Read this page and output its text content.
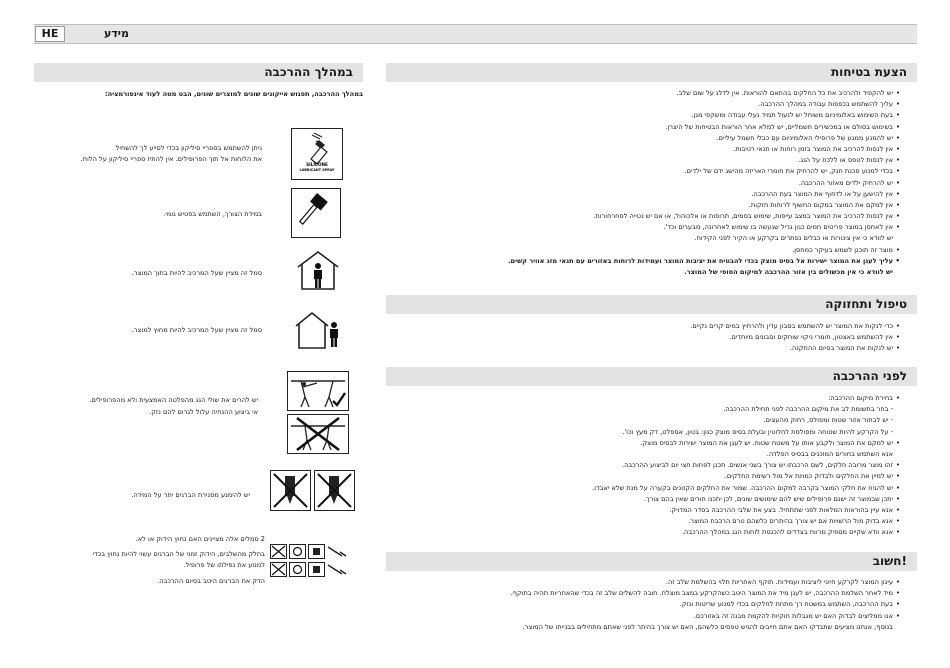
HE	מידע
הצעת בטיחות
• יש להקפיד ולהרכיב את כל החלקים בהתאם להוראות. אין לדלג על שום שלב.
• עליך להשתמש בכפפות עבודה במהלך ההרכבה.
• בעת השימוש באלומיניום משוחל יש לנעול תמיד נעלי עבודה ומשקפי מגן.
• בשימוש בסולם או במכשירים חשמליים, יש למלא אחר הוראות הבטיחות של היצרן.
• יש להמנע ממגע של פרופילי האלומיניום עם כבלי חשמל עיליים.
• אין לנסות להרכיב את המוצר בזמן רוחות או תנאי רטיבות.
• אין לנסות לטפס או ללכת על הגג.
• בכדי למנוע סכנת חנק, יש להרחיק את חומרי האריזה מהישג ידם של ילדים.
• יש להרחיק ילדים מאזור ההרכבה.
• אין להישען על או לדחוף את המוצר בעת ההרכבה.
• אין למקם את המוצר במקום החשוף לרוחות חזקות.
• אין לנסות להרכיב את המוצר במצב עייפות, שימוש בסמים, תרופות או אלכוהול, או אם יש נטייה לסחרחורות.
• אין לאחסן במוצר פריטים חמים כגון גריל שנעשה בו שימוש לאחרונה, מבערים וכד'.
יש לוודא כי אין צינורות או כבלים נסתרים בקרקע או הקיר לפני הקידוח.
• מוצר זה תוכנן לשמש בעיקר כמחסן.
• עליך לעגן את המוצר ישירות אל בסיס מוצק בכדי להבטיח את יציבות המוצר ועמידות לרוחות באזורים עם תנאי מזג אוויר קשים.
יש לוודא כי אין מכשולים בין אזור ההרכבה למיקום הסופי של המוצר.
טיפול ותחזוקה
• כדי לנקות את המוצר יש להשתמש בסבון עדין ולהרחיץ במים קרים נקיים.
• אין להשתמש באצטון, חומרי ניקוי שוחקים וסבונים מיוחדים.
• יש לנקות את המוצר בסיום ההתקנה.
לפני ההרכבה
• בחירת מיקום ההרכבה:
- בחר בתשומת לב את מיקום ההרכבה לפני תחילת ההרכבה.
- יש לבחור אזור שטוח ומפולס, רחוק מהעצים.
- על הקרקע להיות שטוחה ומפולסת לחלוטין ובעלת בסיס מוצק כגון: בטון, אספלט, דק מעץ וכו'.
• יש למקם את המוצר ולקבע אותו על משטח שטוח. יש לעגן את המוצר ישירות לבסיס מוצק.
אנא השתמש בחורים המוכנים בבסיס הפלדה.
• זהו מוצר מרובה חלקים, לשם הרכבתו יש צורך בשני אנשים. תכנן לפחות חצי יום לביצוע ההרכבה.
• יש למיין את החלקים ולבדוק כמויות אל מול רשימת החלקים.
• יש להניח את חלקי המוצר בקרבה למקום ההרכבה. שמור את החלקים הקטנים בקערה על מנת שלא יאבדו.
• יתכן שבמוצר זה ישנם פרופילים שיש להם שימושים שונים, לכן יתכנו חורים שאין בהם צורך.
• אנא עיין בהוראות המלאות לפני שתתחיל. בצע את שלבי ההרכבה בסדר המדויק.
• אנא בדוק מול הרשויות אם יש צורך בהיתרים כלשהם טרם הרכבת המוצר.
• אנא וודא שקיים מספיק מרווח בצדדים להכנסת לוחות הגג במהלך ההרכבה.
חשוב!
• עיגון המוצר לקרקע חיוני ליציבות ועמידות. תוקף האחריות תלוי בהשלמת שלב זה.
• מיד לאחר השלמת ההרכבה, יש לעגן מיד את המוצר היטב כשהקרקע במצב מוצלח. חובה להשלים שלב זה בכדי שהאחריות תהיה בתוקף.
• בעת ההרכבה, השתמש במשטח רך מתחת לחלקים בכדי למנוע שריטות ונזק.
• אנו ממליצים לבדוק האם יש מגבלות חוקיות להקמת מבנה זה באזורכם.
בנוסף, אנחנו מציעים שתבדקו האם אתם חייבים להגיש טפסים כלשהם, האם יש צורך בהיתר לפני שאתם מתחילים בבנייתו של המוצר.
במהלך ההרכבה
במהלך ההרכבה, תפגוש אייקונים שונים למוצרים שונים, הבט מטה לעוד אינפורמציה:
SILICONE
LUBRICANT SPRAY
ניתן להשתמש בספריי סיליקון בכדי לסייע לך להשחיל
את הלוחות אל תוך הפרופילים. אין להתיז ספריי סיליקון על הלוח.
במידת הצורך, השתמש בפטיש גומי.
סמל זה מציין שעל המרכיב להיות בתוך המוצר.
סמל זה מציין שעל המרכיב להיות מחוץ למוצר.
יש להרים את שולי הגג מהפלטה האמצעית ולא מהפרופילים.
אי ביצוע ההנחיה עלול לגרום להם נזק.
יש להימנע מסגירת הברגים יתר על המידה.
2 סמלים אלה מציינים האם נחוץ הידוק או לא.
בחלק מהשלבים, הידוק זמני של הברגים עשוי להיות נחוץ בכדי
למנוע את נפילתו של פרופיל.
הדק את הברגים היטב בסיום ההרכבה.
